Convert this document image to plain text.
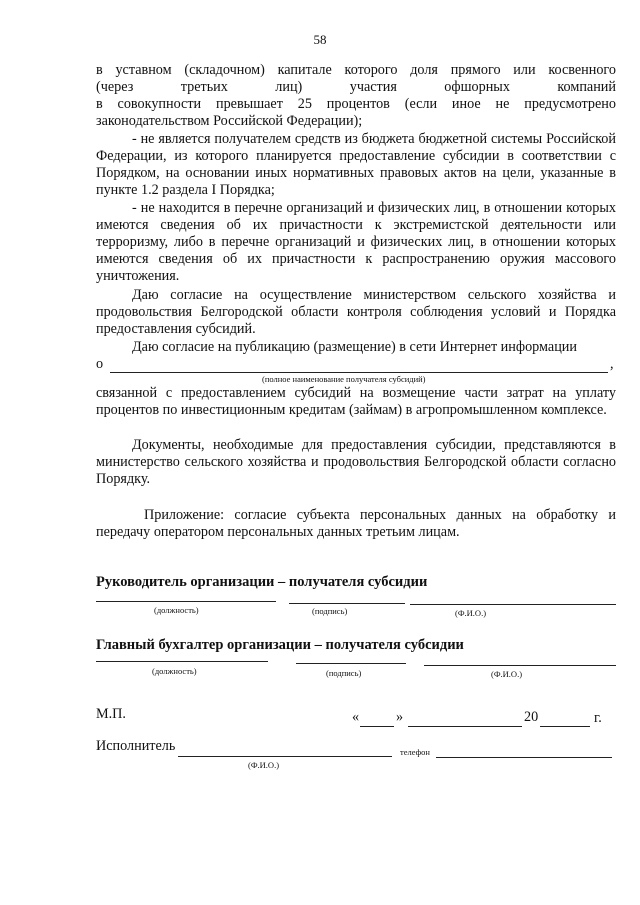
58

в уставном (складочном) капитале которого доля прямого или косвенного

(через	третьих	лиц)	участия	офшорных	компаний

в совокупности превышает 25 процентов (если иное не предусмотрено законодательством Российской Федерации);

- не является получателем средств из бюджета бюджетной системы Российской Федерации, из которого планируется предоставление субсидии в соответствии с Порядком, на основании иных нормативных правовых актов на цели, указанные в пункте 1.2 раздела I Порядка;
- не находится в перечне организаций и физических лиц, в отношении которых имеются сведения об их причастности к экстремистской деятельности или терроризму, либо в перечне организаций и физических лиц, в отношении которых имеются сведения об их причастности к распространению оружия массового уничтожения.
Даю согласие на осуществление министерством сельского хозяйства и продовольствия Белгородской области контроля соблюдения условий и Порядка предоставления субсидий.
Даю согласие на публикацию (размещение) в сети Интернет информации
о	,
(полное наименование получателя субсидий)
связанной с предоставлением субсидий на возмещение части затрат на уплату процентов по инвестиционным кредитам (займам) в агропромышленном комплексе.
Документы, необходимые для предоставления субсидии, представляются в министерство сельского хозяйства и продовольствия Белгородской области согласно Порядку.
Приложение: согласие субъекта персональных данных на обработку и передачу оператором персональных данных третьим лицам.
Руководитель организации – получателя субсидии
(должность)	(подпись)	(Ф.И.О.)
Главный бухгалтер организации – получателя субсидии
(должность)	(подпись)	(Ф.И.О.)
М.П.	«	»	20	г.
Исполнитель	телефон
(Ф.И.О.)
